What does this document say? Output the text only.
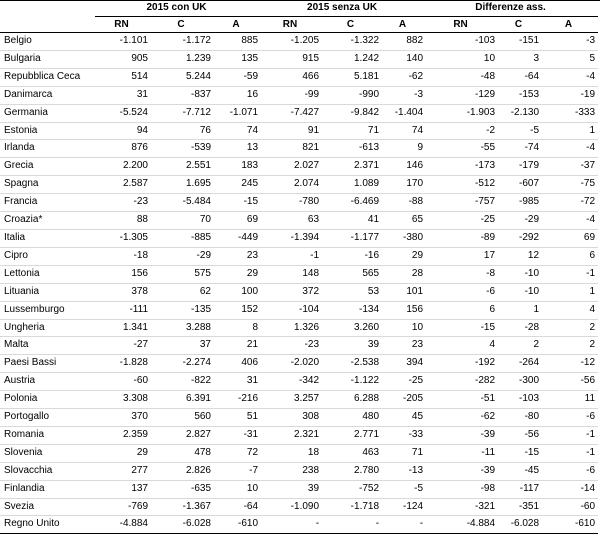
	2015 con UK			2015 senza UK			Differenze ass.		
	RN	C	A	RN	C	A	RN	C	A
Belgio	-1.101	-1.172	885	-1.205	-1.322	882	-103	-151	-3
Bulgaria	905	1.239	135	915	1.242	140	10	3	5
Repubblica Ceca	514	5.244	-59	466	5.181	-62	-48	-64	-4
Danimarca	31	-837	16	-99	-990	-3	-129	-153	-19
Germania	-5.524	-7.712	-1.071	-7.427	-9.842	-1.404	-1.903	-2.130	-333
Estonia	94	76	74	91	71	74	-2	-5	1
Irlanda	876	-539	13	821	-613	9	-55	-74	-4
Grecia	2.200	2.551	183	2.027	2.371	146	-173	-179	-37
Spagna	2.587	1.695	245	2.074	1.089	170	-512	-607	-75
Francia	-23	-5.484	-15	-780	-6.469	-88	-757	-985	-72
Croazia*	88	70	69	63	41	65	-25	-29	-4
Italia	-1.305	-885	-449	-1.394	-1.177	-380	-89	-292	69
Cipro	-18	-29	23	-1	-16	29	17	12	6
Lettonia	156	575	29	148	565	28	-8	-10	-1
Lituania	378	62	100	372	53	101	-6	-10	1
Lussemburgo	-111	-135	152	-104	-134	156	6	1	4
Ungheria	1.341	3.288	8	1.326	3.260	10	-15	-28	2
Malta	-27	37	21	-23	39	23	4	2	2
Paesi Bassi	-1.828	-2.274	406	-2.020	-2.538	394	-192	-264	-12
Austria	-60	-822	31	-342	-1.122	-25	-282	-300	-56
Polonia	3.308	6.391	-216	3.257	6.288	-205	-51	-103	11
Portogallo	370	560	51	308	480	45	-62	-80	-6
Romania	2.359	2.827	-31	2.321	2.771	-33	-39	-56	-1
Slovenia	29	478	72	18	463	71	-11	-15	-1
Slovacchia	277	2.826	-7	238	2.780	-13	-39	-45	-6
Finlandia	137	-635	10	39	-752	-5	-98	-117	-14
Svezia	-769	-1.367	-64	-1.090	-1.718	-124	-321	-351	-60
Regno Unito	-4.884	-6.028	-610	-	-	-	-4.884	-6.028	-610
